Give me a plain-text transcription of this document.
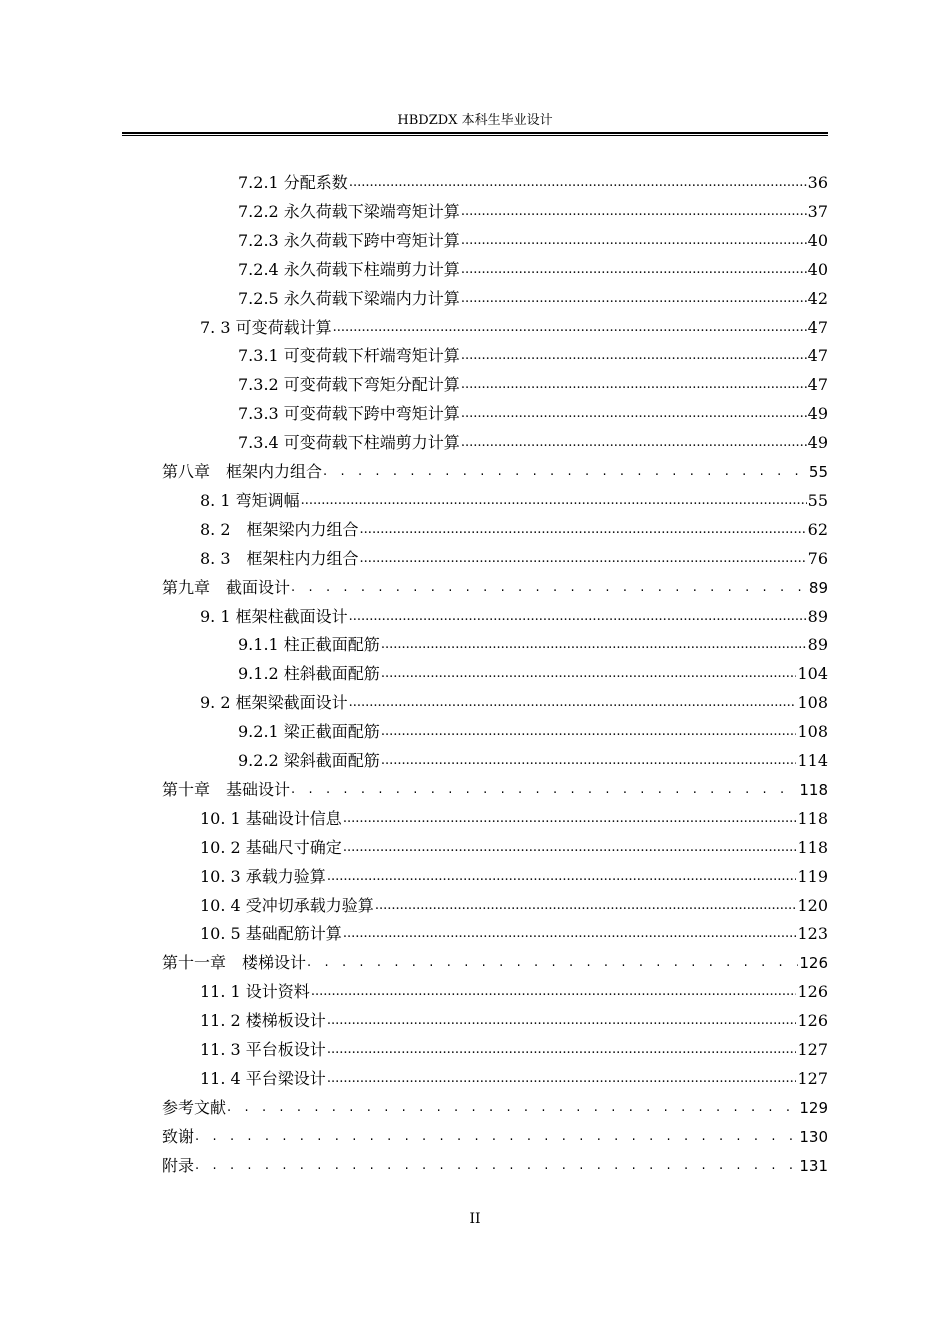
HBDZDX 本科生毕业设计
7.2.1 分配系数 .....	36
7.2.2 永久荷载下梁端弯矩计算 .....	37
7.2.3 永久荷载下跨中弯矩计算 .....	40
7.2.4 永久荷载下柱端剪力计算 .....	40
7.2.5 永久荷载下梁端内力计算 .....	42
7. 3 可变荷载计算 .....	47
7.3.1 可变荷载下杆端弯矩计算 .....	47
7.3.2 可变荷载下弯矩分配计算 .....	47
7.3.3 可变荷载下跨中弯矩计算 .....	49
7.3.4 可变荷载下柱端剪力计算 .....	49
第八章　框架内力组合 . . .	55
8. 1 弯矩调幅 .....	55
8. 2　框架梁内力组合 .....	62
8. 3　框架柱内力组合 .....	76
第九章　截面设计 . . .	89
9. 1 框架柱截面设计 .....	89
9.1.1 柱正截面配筋 .....	89
9.1.2 柱斜截面配筋 .....	104
9. 2 框架梁截面设计 .....	108
9.2.1 梁正截面配筋 .....	108
9.2.2 梁斜截面配筋 .....	114
第十章　基础设计 . . .	118
10. 1 基础设计信息 .....	118
10. 2 基础尺寸确定 .....	118
10. 3 承载力验算 .....	119
10. 4 受冲切承载力验算 .....	120
10. 5 基础配筋计算 .....	123
第十一章　楼梯设计 . . .	126
11. 1 设计资料 .....	126
11. 2 楼梯板设计 .....	126
11. 3 平台板设计 .....	127
11. 4 平台梁设计 .....	127
参考文献 . . .	129
致谢 . . .	130
附录 . . .	131
II
